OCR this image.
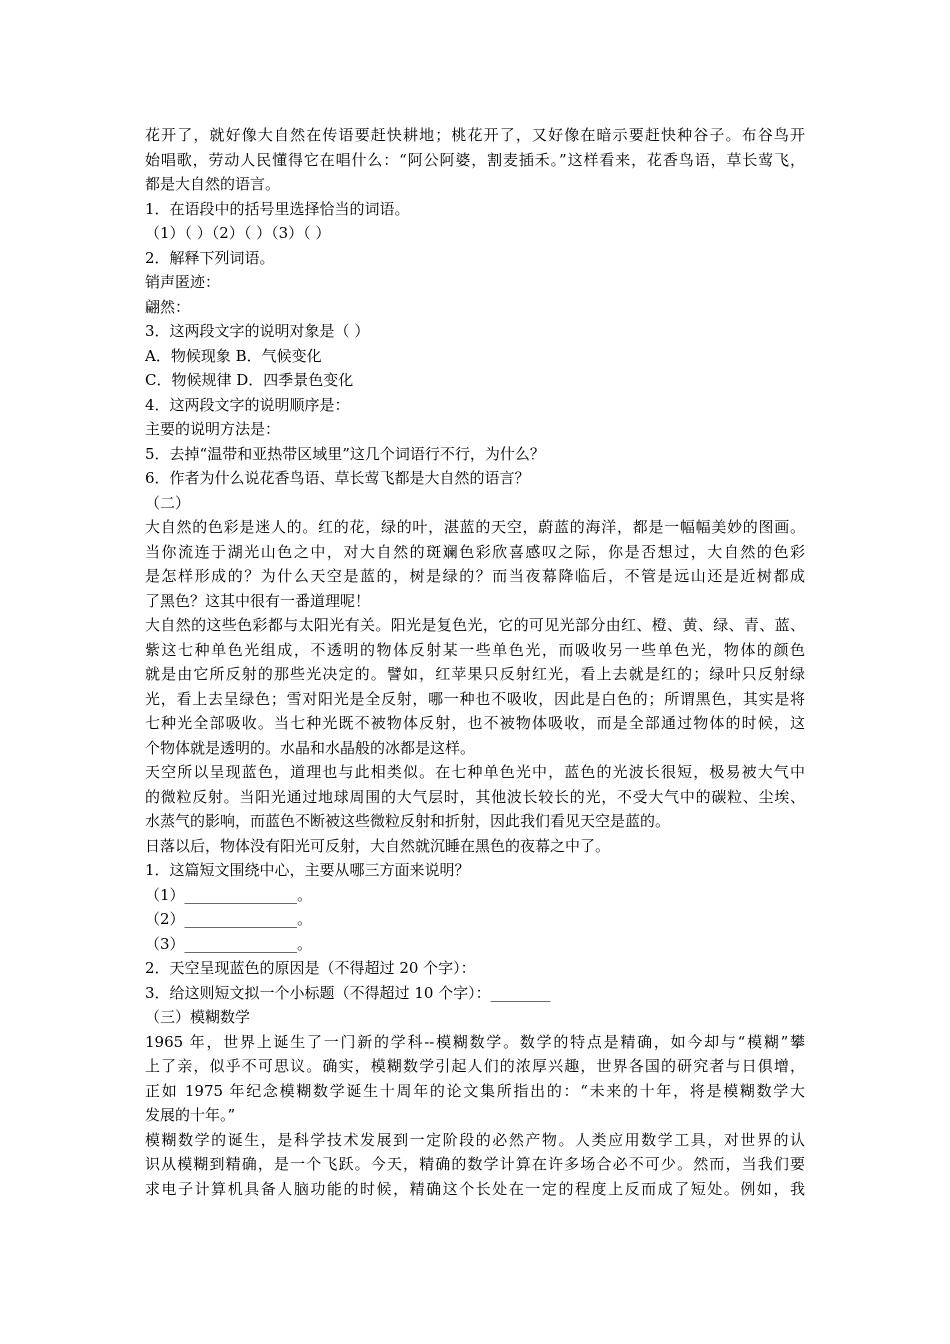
花开了，就好像大自然在传语要赶快耕地；桃花开了，又好像在暗示要赶快种谷子。布谷鸟开
始唱歌，劳动人民懂得它在唱什么：“阿公阿婆，割麦插禾。”这样看来，花香鸟语，草长莺飞，
都是大自然的语言。
1．在语段中的括号里选择恰当的词语。
（1）（ ）（2）（ ）（3）（ ）
2．解释下列词语。
销声匿迹：
翩然：
3．这两段文字的说明对象是（ ）
A．物候现象 B．气候变化
C．物候规律 D．四季景色变化
4．这两段文字的说明顺序是：
主要的说明方法是：
5．去掉“温带和亚热带区域里”这几个词语行不行，为什么？
6．作者为什么说花香鸟语、草长莺飞都是大自然的语言？
（二）
大自然的色彩是迷人的。红的花，绿的叶，湛蓝的天空，蔚蓝的海洋，都是一幅幅美妙的图画。
当你流连于湖光山色之中，对大自然的斑斓色彩欣喜感叹之际，你是否想过，大自然的色彩
是怎样形成的？为什么天空是蓝的，树是绿的？而当夜幕降临后，不管是远山还是近树都成
了黑色？这其中很有一番道理呢！
大自然的这些色彩都与太阳光有关。阳光是复色光，它的可见光部分由红、橙、黄、绿、青、蓝、
紫这七种单色光组成，不透明的物体反射某一些单色光，而吸收另一些单色光，物体的颜色
就是由它所反射的那些光决定的。譬如，红苹果只反射红光，看上去就是红的；绿叶只反射绿
光，看上去呈绿色；雪对阳光是全反射，哪一种也不吸收，因此是白色的；所谓黑色，其实是将
七种光全部吸收。当七种光既不被物体反射，也不被物体吸收，而是全部通过物体的时候，这
个物体就是透明的。水晶和水晶般的冰都是这样。
天空所以呈现蓝色，道理也与此相类似。在七种单色光中，蓝色的光波长很短，极易被大气中
的微粒反射。当阳光通过地球周围的大气层时，其他波长较长的光，不受大气中的碳粒、尘埃、
水蒸气的影响，而蓝色不断被这些微粒反射和折射，因此我们看见天空是蓝的。
日落以后，物体没有阳光可反射，大自然就沉睡在黑色的夜幕之中了。
1．这篇短文围绕中心，主要从哪三方面来说明？
（1）_______________。
（2）_______________。
（3）_______________。
2．天空呈现蓝色的原因是（不得超过 20 个字）：
3．给这则短文拟一个小标题（不得超过 10 个字）：________
（三）模糊数学
1965 年，世界上诞生了一门新的学科--模糊数学。数学的特点是精确，如今却与“模糊”攀
上了亲，似乎不可思议。确实，模糊数学引起人们的浓厚兴趣，世界各国的研究者与日俱增，
正如 1975 年纪念模糊数学诞生十周年的论文集所指出的：“未来的十年，将是模糊数学大
发展的十年。”
模糊数学的诞生，是科学技术发展到一定阶段的必然产物。人类应用数学工具，对世界的认
识从模糊到精确，是一个飞跃。今天，精确的数学计算在许多场合必不可少。然而，当我们要
求电子计算机具备人脑功能的时候，精确这个长处在一定的程度上反而成了短处。例如，我
